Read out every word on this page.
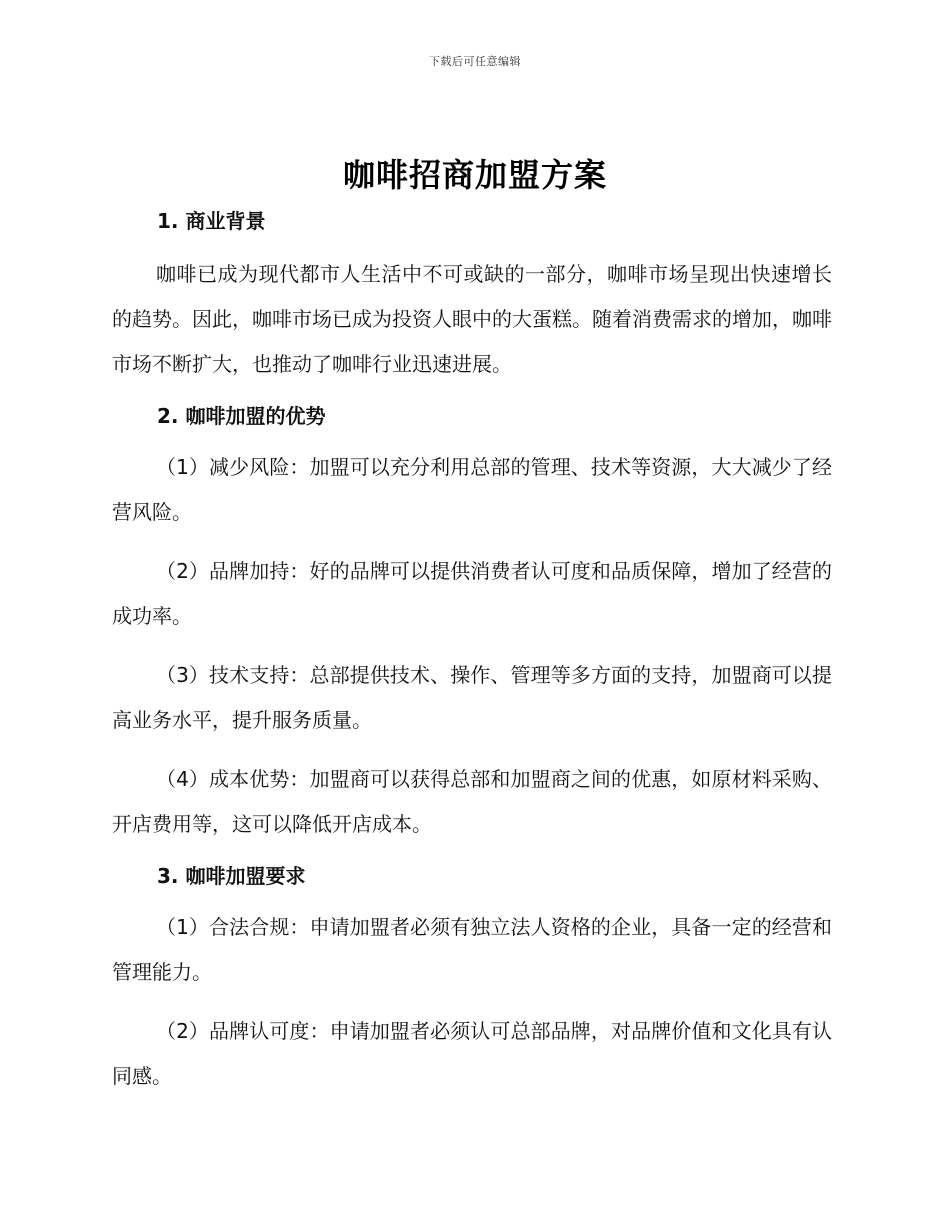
下载后可任意编辑
咖啡招商加盟方案
1. 商业背景

咖啡已成为现代都市人生活中不可或缺的一部分，咖啡市场呈现出快速增长的趋势。因此，咖啡市场已成为投资人眼中的大蛋糕。随着消费需求的增加，咖啡市场不断扩大，也推动了咖啡行业迅速进展。

2. 咖啡加盟的优势

（1）减少风险：加盟可以充分利用总部的管理、技术等资源，大大减少了经营风险。

（2）品牌加持：好的品牌可以提供消费者认可度和品质保障，增加了经营的成功率。

（3）技术支持：总部提供技术、操作、管理等多方面的支持，加盟商可以提高业务水平，提升服务质量。

（4）成本优势：加盟商可以获得总部和加盟商之间的优惠，如原材料采购、开店费用等，这可以降低开店成本。

3. 咖啡加盟要求

（1）合法合规：申请加盟者必须有独立法人资格的企业，具备一定的经营和管理能力。

（2）品牌认可度：申请加盟者必须认可总部品牌，对品牌价值和文化具有认同感。
